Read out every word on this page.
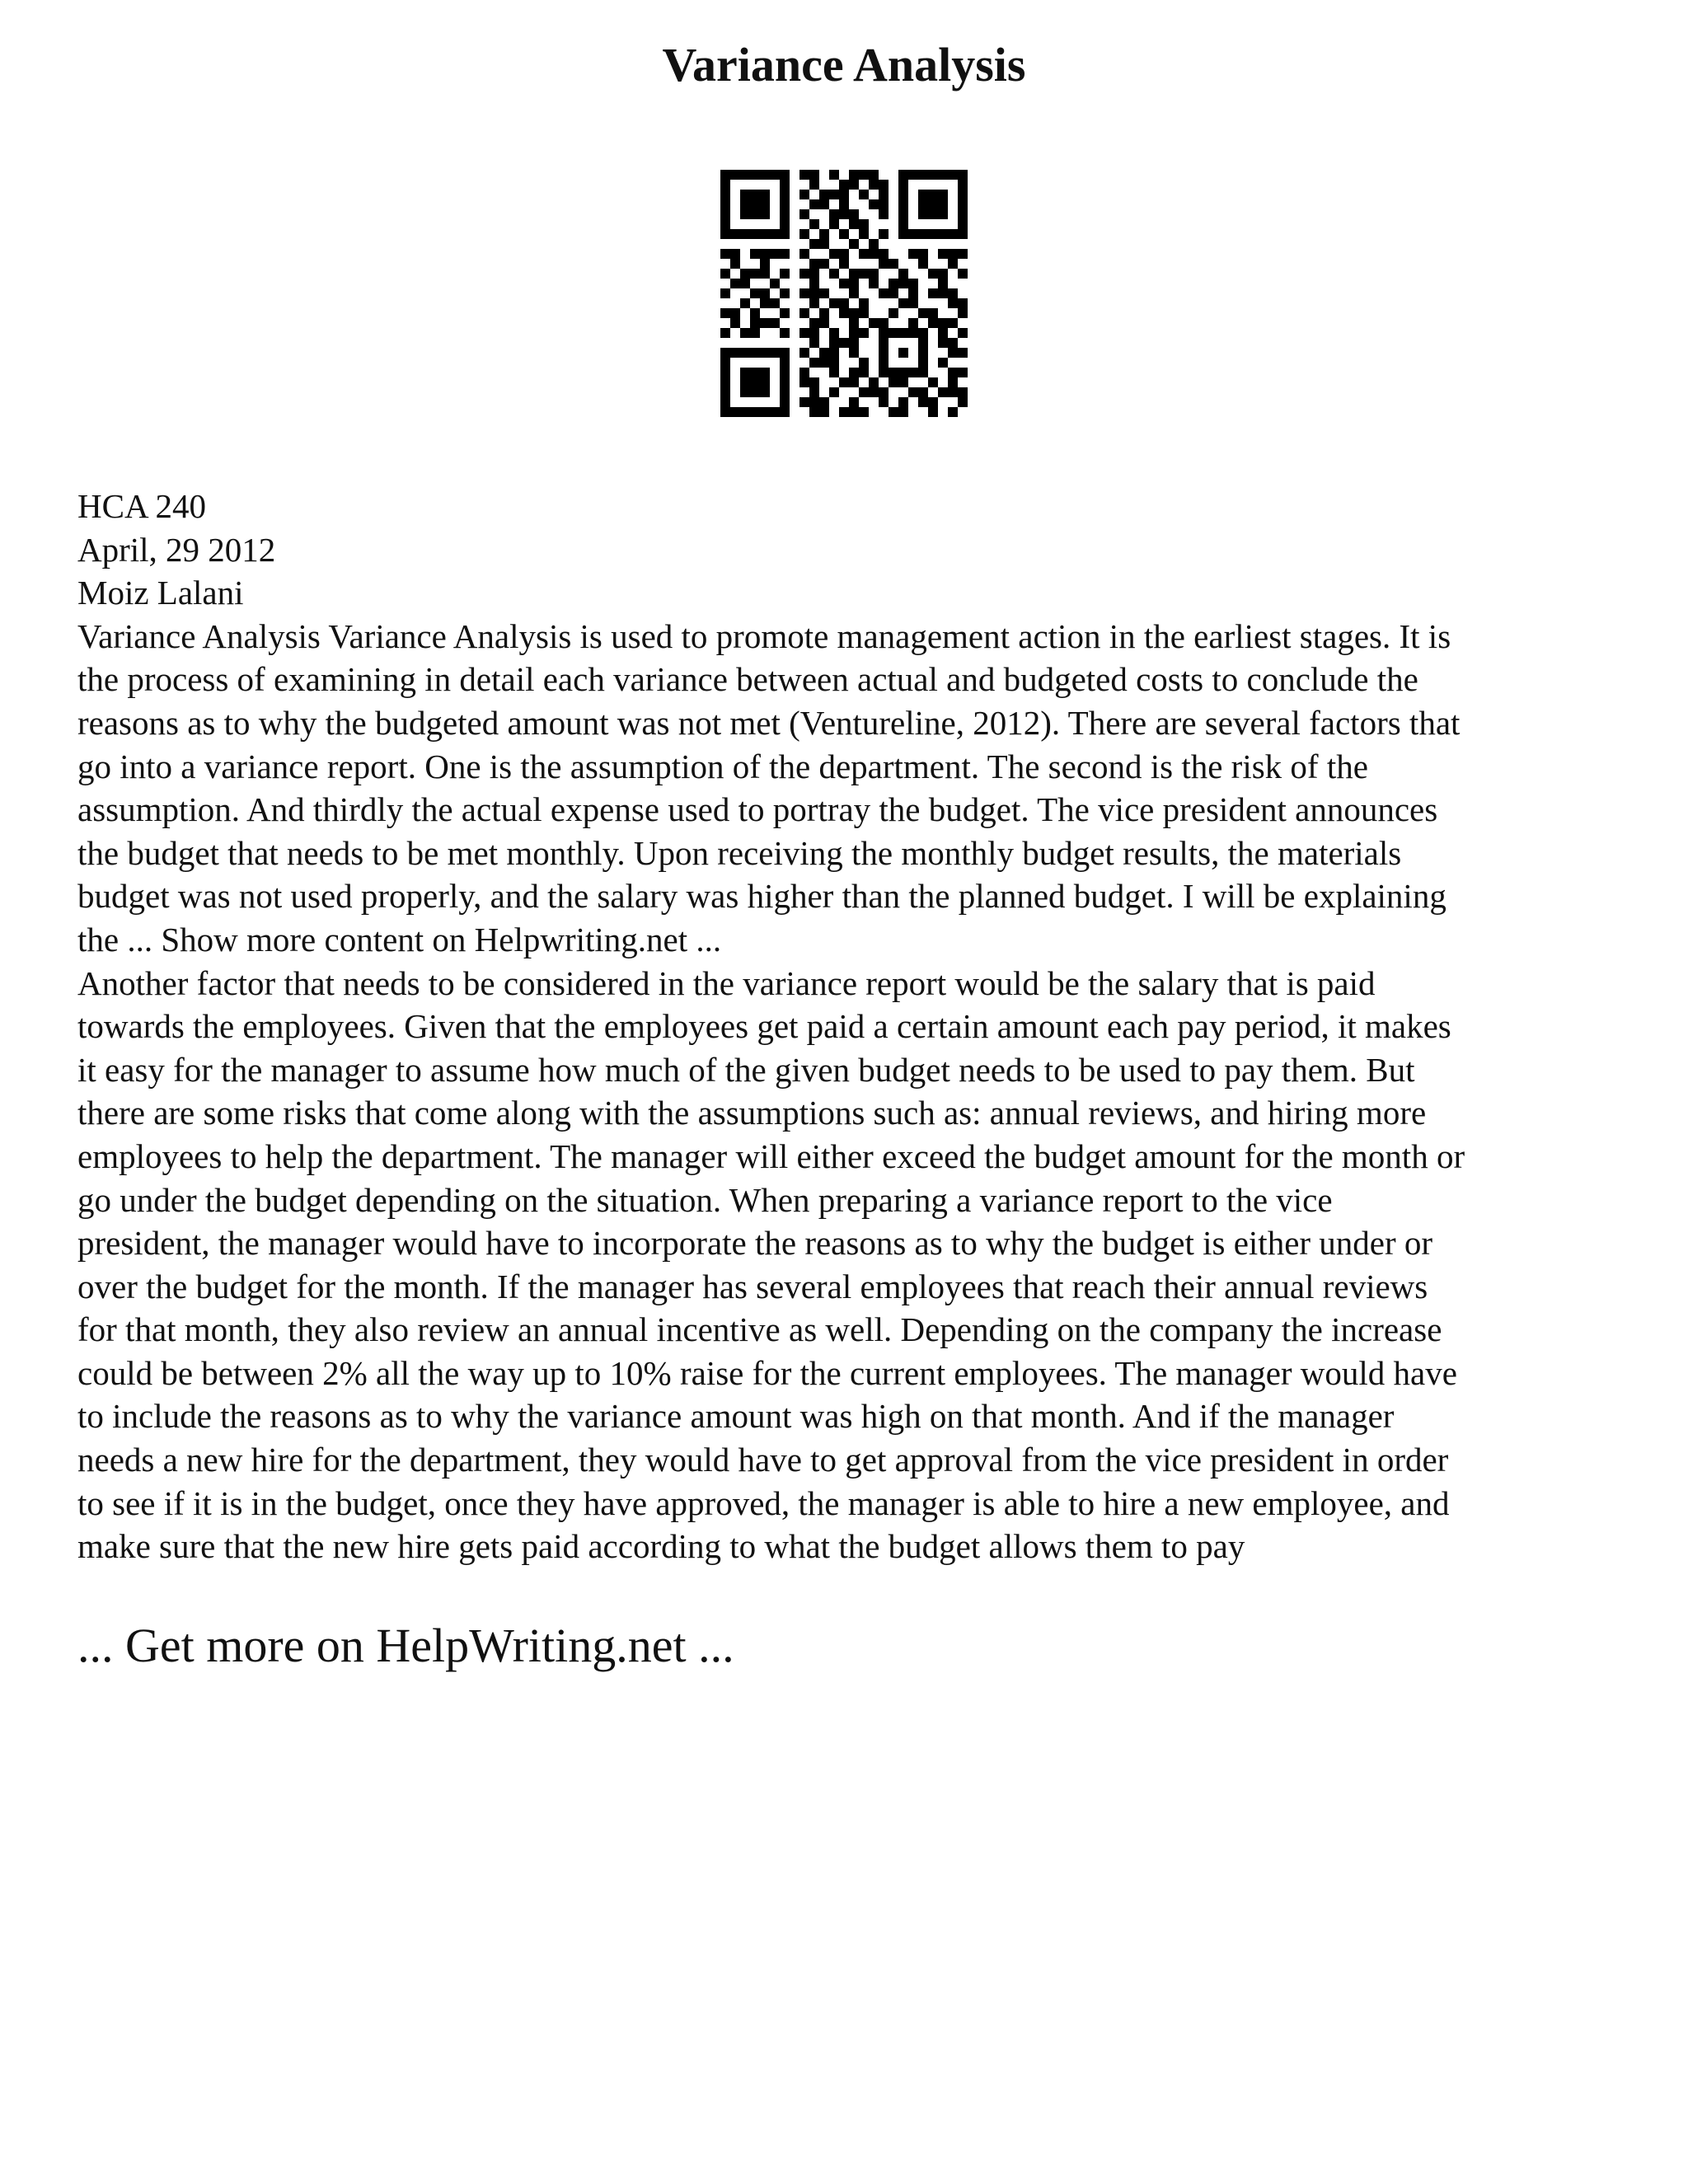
Variance Analysis
HCA 240
April, 29 2012
Moiz Lalani
Variance Analysis Variance Analysis is used to promote management action in the earliest stages. It is
the process of examining in detail each variance between actual and budgeted costs to conclude the
reasons as to why the budgeted amount was not met (Ventureline, 2012). There are several factors that
go into a variance report. One is the assumption of the department. The second is the risk of the
assumption. And thirdly the actual expense used to portray the budget. The vice president announces
the budget that needs to be met monthly. Upon receiving the monthly budget results, the materials
budget was not used properly, and the salary was higher than the planned budget. I will be explaining
the ... Show more content on Helpwriting.net ...
Another factor that needs to be considered in the variance report would be the salary that is paid
towards the employees. Given that the employees get paid a certain amount each pay period, it makes
it easy for the manager to assume how much of the given budget needs to be used to pay them. But
there are some risks that come along with the assumptions such as: annual reviews, and hiring more
employees to help the department. The manager will either exceed the budget amount for the month or
go under the budget depending on the situation. When preparing a variance report to the vice
president, the manager would have to incorporate the reasons as to why the budget is either under or
over the budget for the month. If the manager has several employees that reach their annual reviews
for that month, they also review an annual incentive as well. Depending on the company the increase
could be between 2% all the way up to 10% raise for the current employees. The manager would have
to include the reasons as to why the variance amount was high on that month. And if the manager
needs a new hire for the department, they would have to get approval from the vice president in order
to see if it is in the budget, once they have approved, the manager is able to hire a new employee, and
make sure that the new hire gets paid according to what the budget allows them to pay

... Get more on HelpWriting.net ...
